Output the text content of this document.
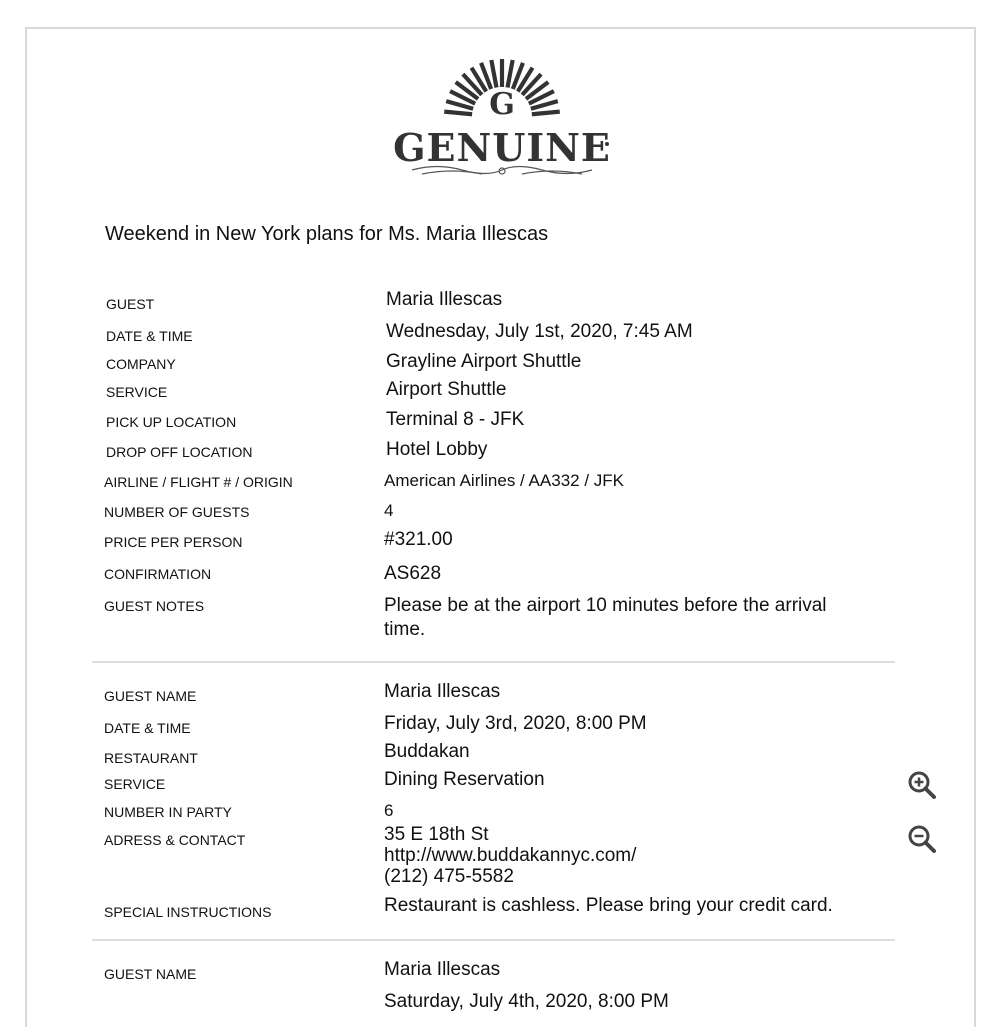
G
GENUINE
Weekend in New York plans for Ms. Maria Illescas
GUEST	Maria Illescas
DATE & TIME	Wednesday, July 1st, 2020, 7:45 AM
COMPANY	Grayline Airport Shuttle
SERVICE	Airport Shuttle
PICK UP LOCATION	Terminal 8 - JFK
DROP OFF LOCATION	Hotel Lobby
AIRLINE / FLIGHT # / ORIGIN	American Airlines / AA332 / JFK
NUMBER OF GUESTS	4
PRICE PER PERSON	#321.00
CONFIRMATION	AS628
GUEST NOTES	Please be at the airport 10 minutes before the arrival time.
GUEST NAME	Maria Illescas
DATE & TIME	Friday, July 3rd, 2020, 8:00 PM
RESTAURANT	Buddakan
SERVICE	Dining Reservation
NUMBER IN PARTY	6
ADRESS & CONTACT	35 E 18th St
http://www.buddakannyc.com/
(212) 475-5582
SPECIAL INSTRUCTIONS	Restaurant is cashless. Please bring your credit card.
GUEST NAME	Maria Illescas
Saturday, July 4th, 2020, 8:00 PM
